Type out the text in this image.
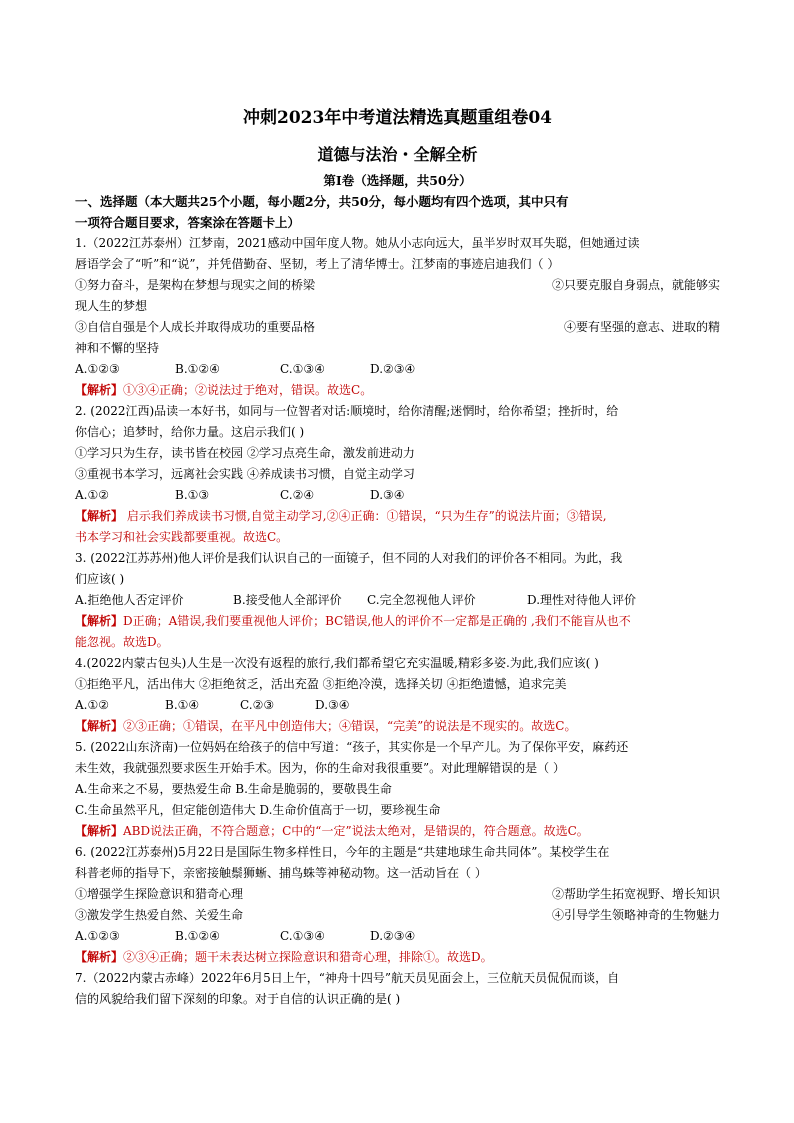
冲刺2023年中考道法精选真题重组卷04
道德与法治・全解全析
第Ⅰ卷（选择题，共50分）
一、选择题（本大题共25个小题，每小题2分，共50分，每小题均有四个选项，其中只有
一项符合题目要求，答案涂在答题卡上）
1.（2022江苏泰州）江梦南，2021感动中国年度人物。她从小志向远大，虽半岁时双耳失聪，但她通过读
唇语学会了“听”和“说”，并凭借勤奋、坚韧，考上了清华博士。江梦南的事迹启迪我们（ ）
①努力奋斗，是架构在梦想与现实之间的桥梁	②只要克服自身弱点，就能够实
现人生的梦想
③自信自强是个人成长并取得成功的重要品格	④要有坚强的意志、进取的精
神和不懈的坚持
A.①②③	B.①②④	C.①③④	D.②③④
【解析】①③④正确；②说法过于绝对，错误。故选C。
2. (2022江西)品读一本好书，如同与一位智者对话:顺境时，给你清醒;迷惘时，给你希望；挫折时，给
你信心；追梦时，给你力量。这启示我们( )
①学习只为生存，读书皆在校园 ②学习点亮生命，激发前进动力
③重视书本学习，远离社会实践 ④养成读书习惯，自觉主动学习
A.①②	B.①③	C.②④	D.③④
【解析】 启示我们养成读书习惯,自觉主动学习,②④正确：①错误，“只为生存”的说法片面；③错误,
书本学习和社会实践都要重视。故选C。
3. (2022江苏苏州)他人评价是我们认识自己的一面镜子，但不同的人对我们的评价各不相同。为此，我
们应该( )
A.拒绝他人否定评价	B.接受他人全部评价	C.完全忽视他人评价	D.理性对待他人评价
【解析】D正确；A错误,我们要重视他人评价；BC错误,他人的评价不一定都是正确的 ,我们不能盲从也不
能忽视。故选D。
4.(2022内蒙古包头)人生是一次没有返程的旅行,我们都希望它充实温暖,精彩多姿.为此,我们应该( )
①拒绝平凡，活出伟大 ②拒绝贫乏，活出充盈 ③拒绝冷漠，选择关切 ④拒绝遗憾，追求完美
A.①②	B.①④	C.②③	D.③④
【解析】②③正确；①错误，在平凡中创造伟大；④错误，“完美”的说法是不现实的。故选C。
5. (2022山东济南)一位妈妈在给孩子的信中写道：“孩子，其实你是一个早产儿。为了保你平安，麻药还
未生效，我就强烈要求医生开始手术。因为，你的生命对我很重要”。对此理解错误的是（ ）
A.生命来之不易，要热爱生命 B.生命是脆弱的，要敬畏生命
C.生命虽然平凡，但定能创造伟大 D.生命价值高于一切，要珍视生命
【解析】ABD说法正确，不符合题意；C中的“一定”说法太绝对，是错误的，符合题意。故选C。
6. (2022江苏泰州)5月22日是国际生物多样性日，今年的主题是“共建地球生命共同体”。某校学生在
科普老师的指导下，亲密接触鬃狮蜥、捕鸟蛛等神秘动物。这一活动旨在（ ）
①增强学生探险意识和猎奇心理	②帮助学生拓宽视野、增长知识
③激发学生热爱自然、关爱生命	④引导学生领略神奇的生物魅力
A.①②③	B.①②④	C.①③④	D.②③④
【解析】②③④正确；题干未表达树立探险意识和猎奇心理，排除①。故选D。
7.（2022内蒙古赤峰）2022年6月5日上午，“神舟十四号”航天员见面会上，三位航天员侃侃而谈，自
信的风貌给我们留下深刻的印象。对于自信的认识正确的是( )
